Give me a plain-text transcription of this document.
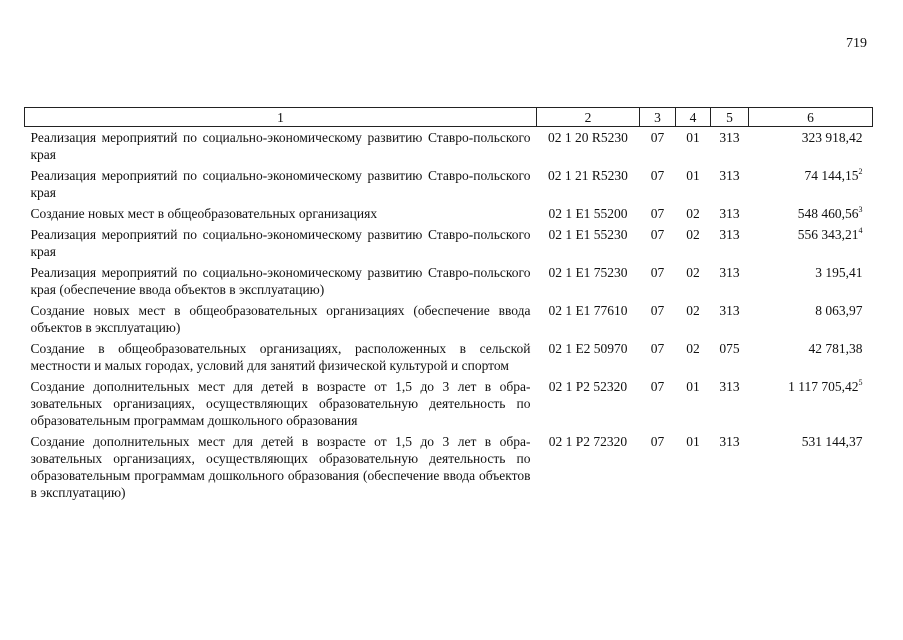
719
1	2	3	4	5	6
Реализация мероприятий по социально-экономическому развитию Ставро-польского края	02 1 20 R5230	07	01	313	323 918,42
Реализация мероприятий по социально-экономическому развитию Ставро-польского края	02 1 21 R5230	07	01	313	74 144,15$^2$
Создание новых мест в общеобразовательных организациях	02 1 E1 55200	07	02	313	548 460,56$^3$
Реализация мероприятий по социально-экономическому развитию Ставро-польского края	02 1 E1 55230	07	02	313	556 343,21$^4$
Реализация мероприятий по социально-экономическому развитию Ставро-польского края (обеспечение ввода объектов в эксплуатацию)	02 1 E1 75230	07	02	313	3 195,41
Создание новых мест в общеобразовательных организациях (обеспечение ввода объектов в эксплуатацию)	02 1 E1 77610	07	02	313	8 063,97
Создание в общеобразовательных организациях, расположенных в сельской местности и малых городах, условий для занятий физической культурой и спортом	02 1 E2 50970	07	02	075	42 781,38
Создание дополнительных мест для детей в возрасте от 1,5 до 3 лет в обра-зовательных организациях, осуществляющих образовательную деятельность по образовательным программам дошкольного образования	02 1 P2 52320	07	01	313	1 117 705,42$^5$
Создание дополнительных мест для детей в возрасте от 1,5 до 3 лет в обра-зовательных организациях, осуществляющих образовательную деятельность по образовательным программам дошкольного образования (обеспечение ввода объектов в эксплуатацию)	02 1 P2 72320	07	01	313	531 144,37
